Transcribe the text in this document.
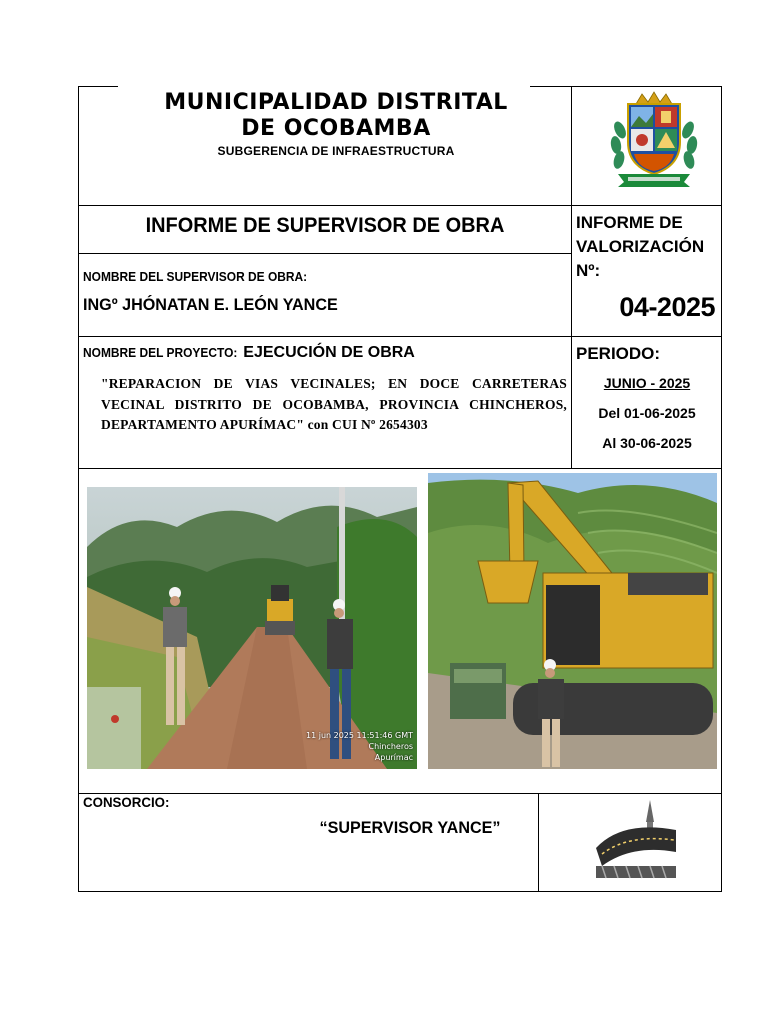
MUNICIPALIDAD DISTRITAL
DE OCOBAMBA
SUBGERENCIA DE INFRAESTRUCTURA
INFORME DE SUPERVISOR DE OBRA	INFORME DE
VALORIZACIÓN
Nº:
04-2025
NOMBRE DEL SUPERVISOR DE OBRA:
INGº JHÓNATAN E. LEÓN YANCE
NOMBRE DEL PROYECTO: EJECUCIÓN DE OBRA
"REPARACION DE VIAS VECINALES; EN DOCE CARRETERAS VECINAL DISTRITO DE OCOBAMBA, PROVINCIA CHINCHEROS, DEPARTAMENTO APURÍMAC" con CUI Nº 2654303
PERIODO:
JUNIO - 2025
Del 01-06-2025
Al 30-06-2025
11 jun 2025 11:51:46 GMT
Chincheros
Apurímac
CONSORCIO:
“SUPERVISOR YANCE”
